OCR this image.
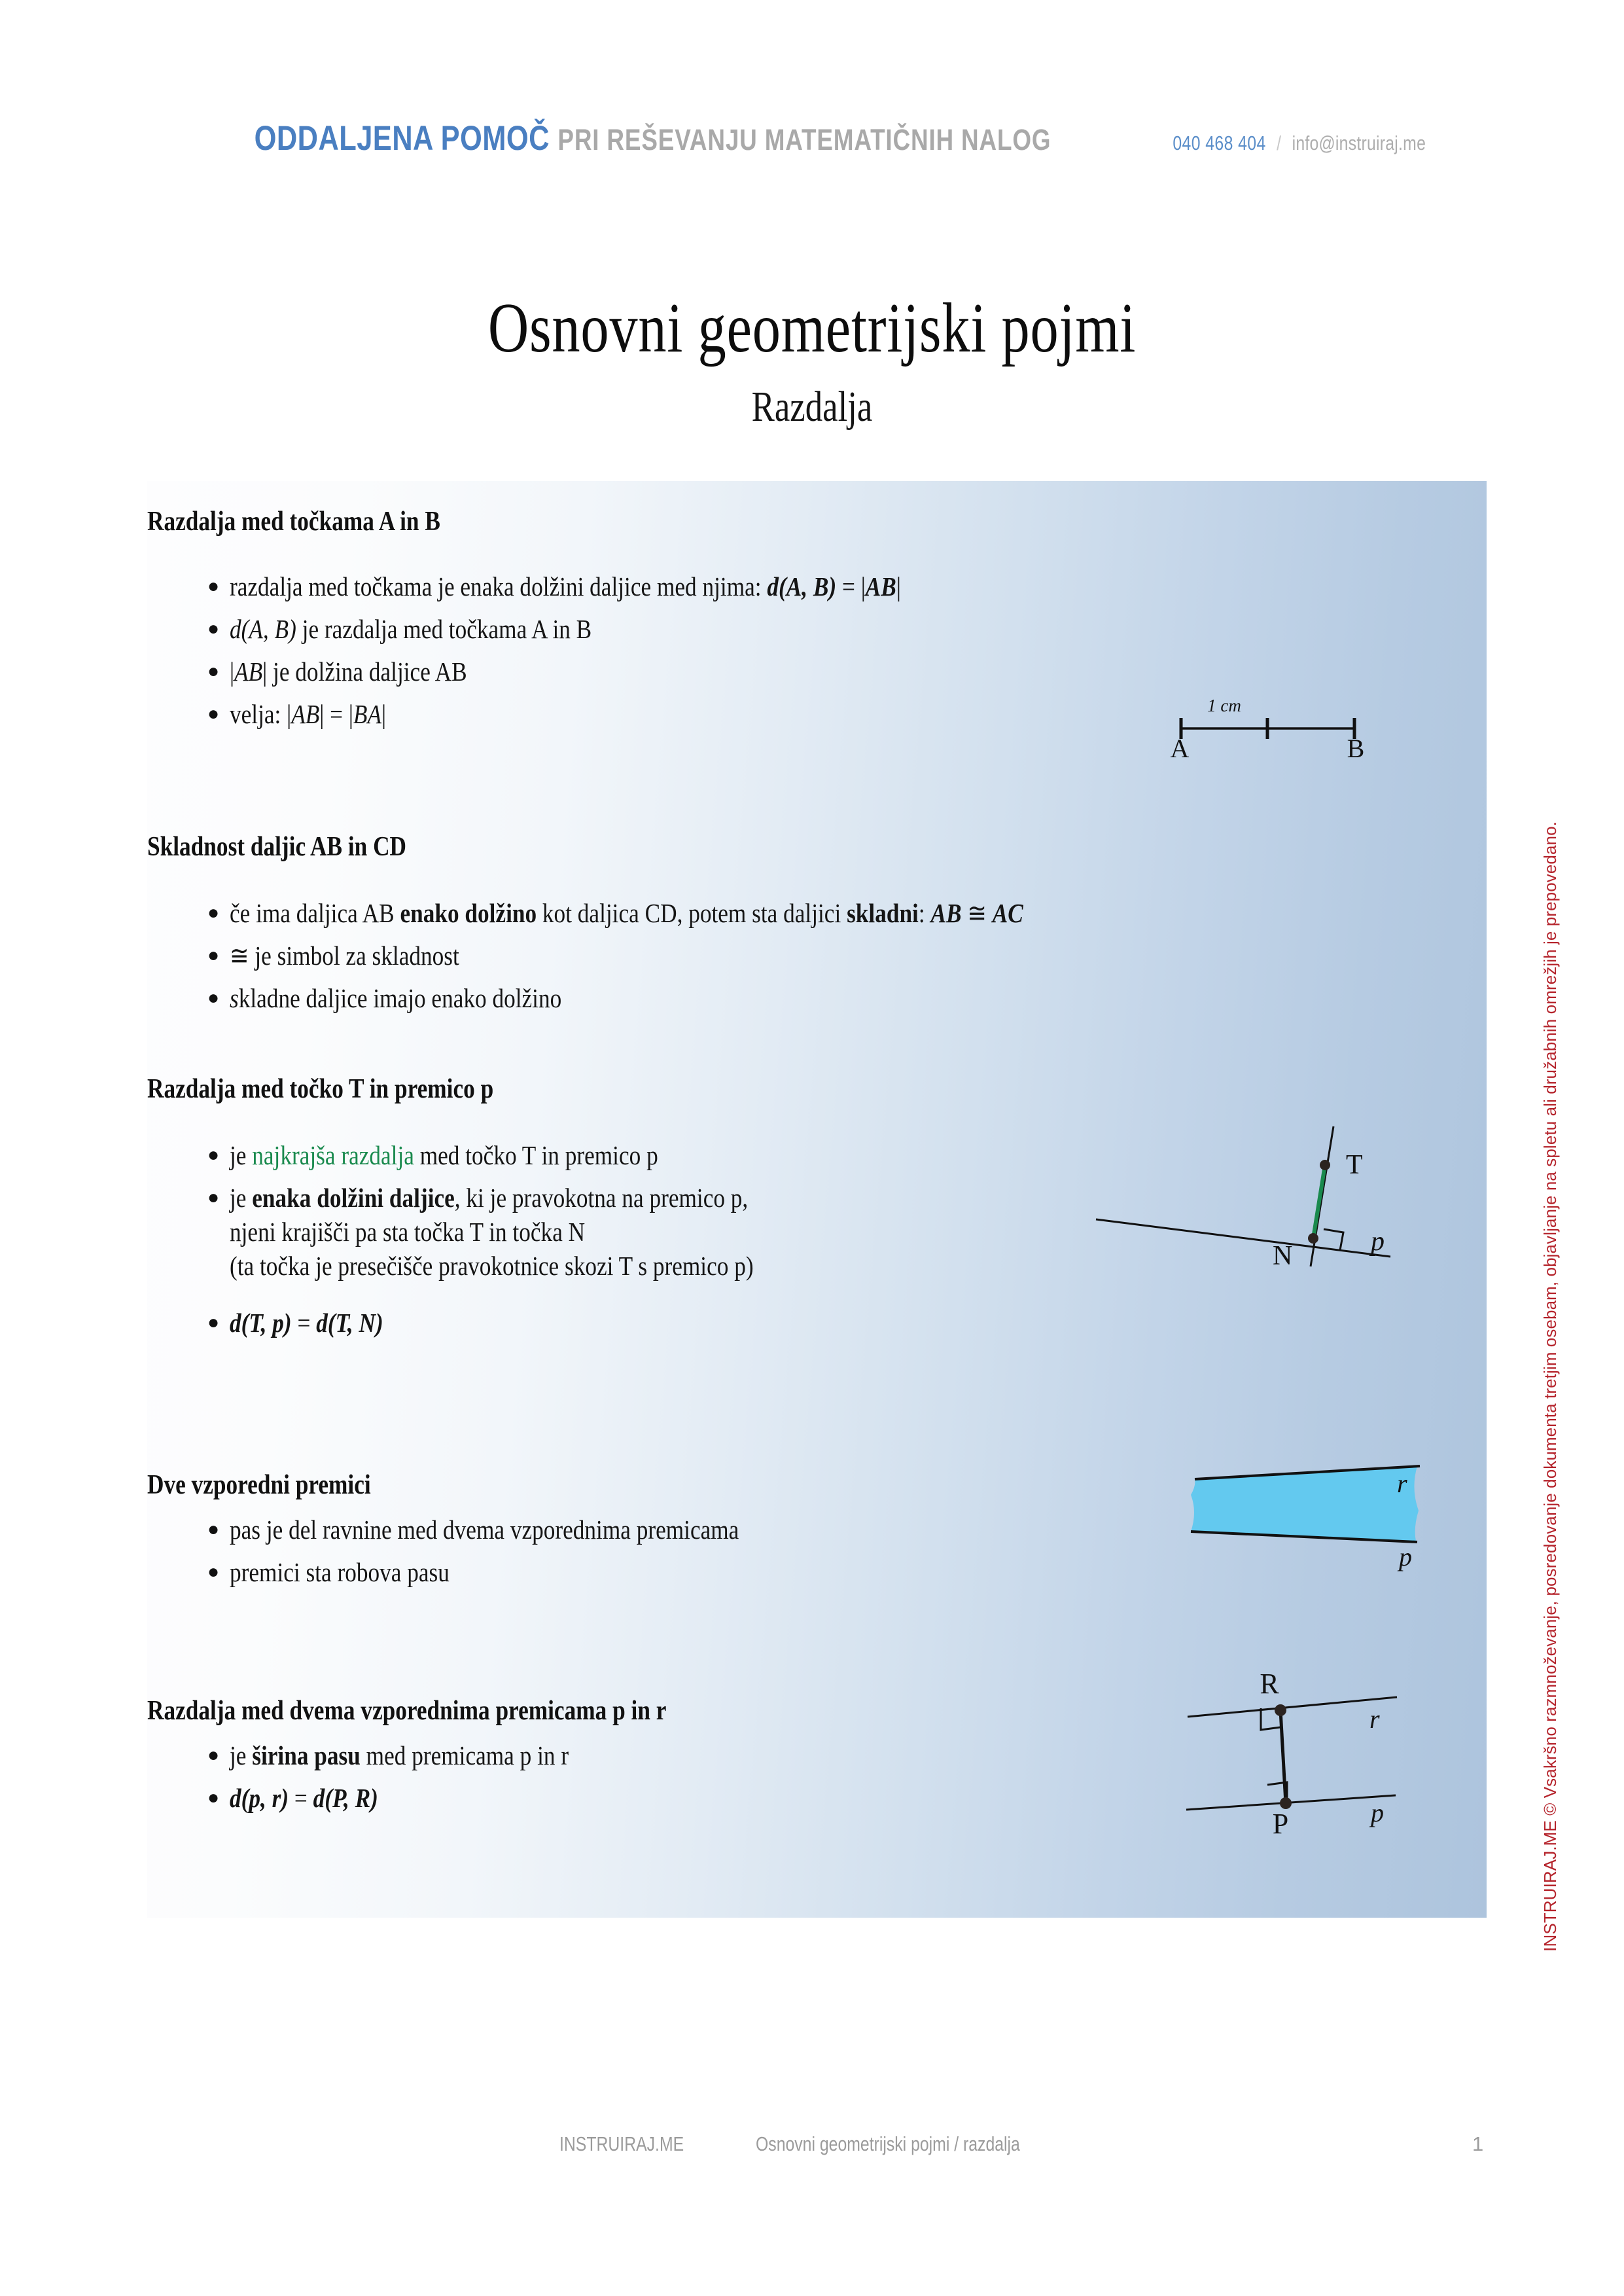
ODDALJENA POMOČ PRI REŠEVANJU MATEMATIČNIH NALOG	040 468 404 / info@instruiraj.me
Osnovni geometrijski pojmi
Razdalja
Razdalja med točkama A in B
● razdalja med točkama je enaka dolžini daljice med njima: d(A, B) = |AB|
● d(A, B) je razdalja med točkama A in B
● |AB| je dolžina daljice AB
● velja: |AB| = |BA|	1 cm
A	B
Skladnost daljic AB in CD
● če ima daljica AB enako dolžino kot daljica CD, potem sta daljici skladni: AB ≅ AC
● ≅ je simbol za skladnost
● skladne daljice imajo enako dolžino
Razdalja med točko T in premico p
● je najkrajša razdalja med točko T in premico p
● je enaka dolžini daljice, ki je pravokotna na premico p,
njeni krajišči pa sta točka T in točka N
(ta točka je presečišče pravokotnice skozi T s premico p)
● d(T, p) = d(T, N)
T
N	p
Dve vzporedni premici
● pas je del ravnine med dvema vzporednima premicama
● premici sta robova pasu
r
p
Razdalja med dvema vzporednima premicama p in r
● je širina pasu med premicama p in r
● d(p, r) = d(P, R)
R
P
r
p	INSTRUIRAJ.ME © Vsakršno razmnoževanje, posredovanje dokumenta tretjim osebam, objavljanje na spletu ali družabnih omrežjih je prepovedano.
INSTRUIRAJ.ME	Osnovni geometrijski pojmi / razdalja	1
